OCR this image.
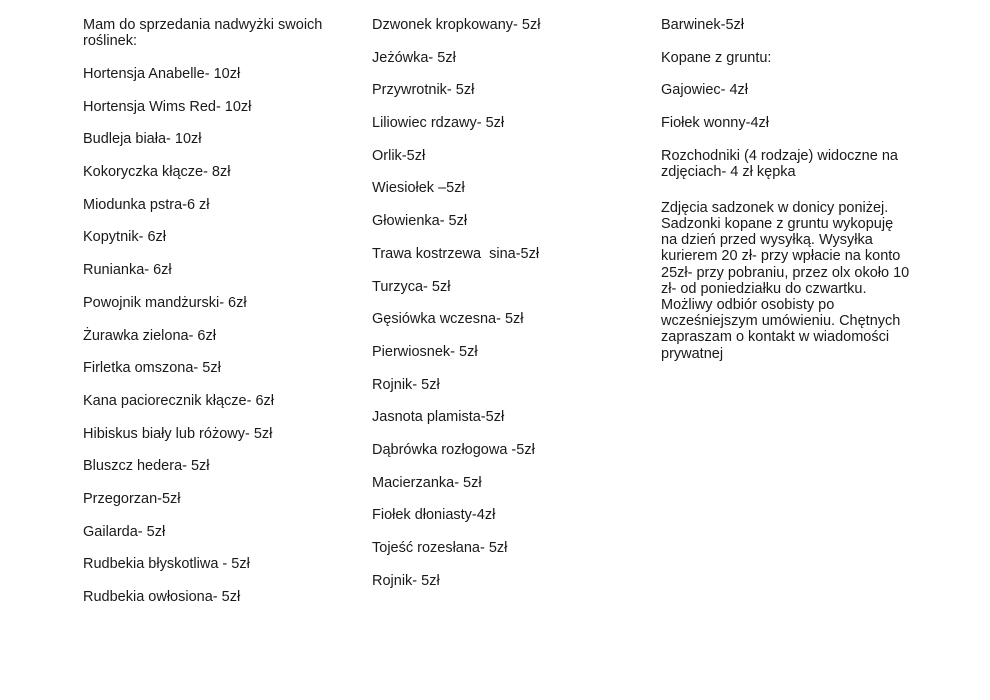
Mam do sprzedania nadwyżki swoich roślinek:
Hortensja Anabelle- 10zł
Hortensja Wims Red- 10zł
Budleja biała- 10zł
Kokoryczka kłącze- 8zł
Miodunka pstra-6 zł
Kopytnik- 6zł
Runianka- 6zł
Powojnik mandżurski- 6zł
Żurawka zielona- 6zł
Firletka omszona- 5zł
Kana paciorecznik kłącze- 6zł
Hibiskus biały lub różowy- 5zł
Bluszcz hedera- 5zł
Przegorzan-5zł
Gailarda- 5zł
Rudbekia błyskotliwa - 5zł
Rudbekia owłosiona- 5zł
Dzwonek kropkowany- 5zł
Jeżówka- 5zł
Przywrotnik- 5zł
Liliowiec rdzawy- 5zł
Orlik-5zł
Wiesiołek –5zł
Głowienka- 5zł
Trawa kostrzewa  sina-5zł
Turzyca- 5zł
Gęsiówka wczesna- 5zł
Pierwiosnek- 5zł
Rojnik- 5zł
Jasnota plamista-5zł
Dąbrówka rozłogowa -5zł
Macierzanka- 5zł
Fiołek dłoniasty-4zł
Tojeść rozesłana- 5zł
Rojnik- 5zł
Barwinek-5zł
Kopane z gruntu:
Gajowiec- 4zł
Fiołek wonny-4zł
Rozchodniki (4 rodzaje) widoczne na zdjęciach- 4 zł kępka
Zdjęcia sadzonek w donicy poniżej. Sadzonki kopane z gruntu wykopuję na dzień przed wysyłką. Wysyłka kurierem 20 zł- przy wpłacie na konto 25zł- przy pobraniu, przez olx około 10 zł- od poniedziałku do czwartku. Możliwy odbiór osobisty po wcześniejszym umówieniu. Chętnych zapraszam o kontakt w wiadomości prywatnej
